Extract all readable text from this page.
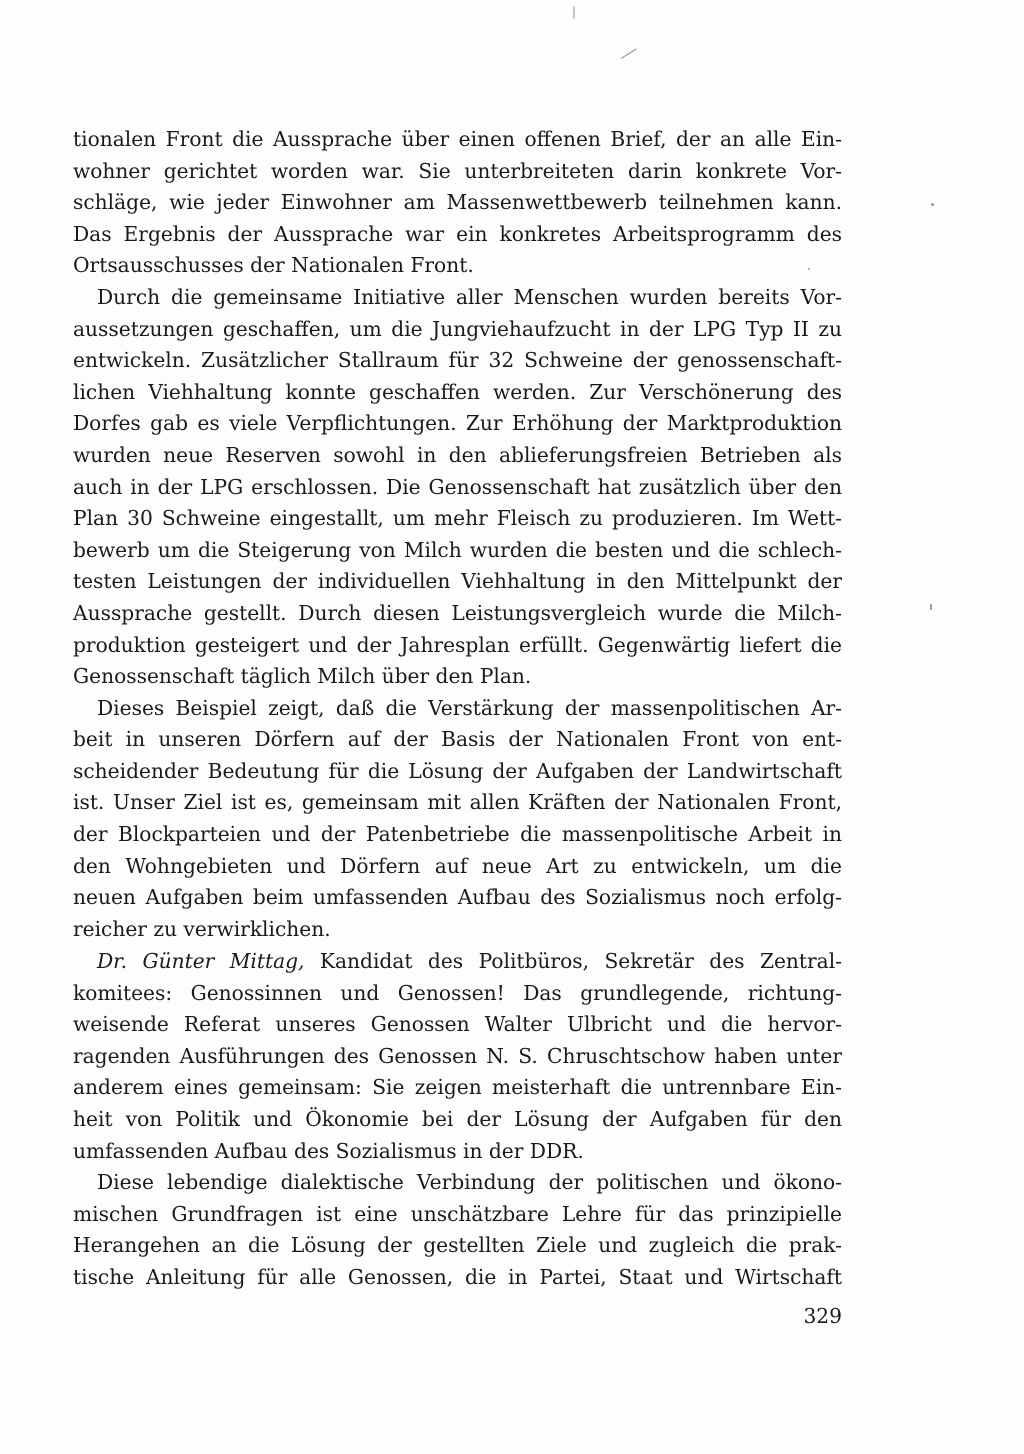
tionalen Front die Aussprache über einen offenen Brief, der an alle Ein-
wohner gerichtet worden war. Sie unterbreiteten darin konkrete Vor-
schläge, wie jeder Einwohner am Massenwettbewerb teilnehmen kann.
Das Ergebnis der Aussprache war ein konkretes Arbeitsprogramm des
Ortsausschusses der Nationalen Front.
Durch die gemeinsame Initiative aller Menschen wurden bereits Vor-
aussetzungen geschaffen, um die Jungviehaufzucht in der LPG Typ II zu
entwickeln. Zusätzlicher Stallraum für 32 Schweine der genossenschaft-
lichen Viehhaltung konnte geschaffen werden. Zur Verschönerung des
Dorfes gab es viele Verpflichtungen. Zur Erhöhung der Marktproduktion
wurden neue Reserven sowohl in den ablieferungsfreien Betrieben als
auch in der LPG erschlossen. Die Genossenschaft hat zusätzlich über den
Plan 30 Schweine eingestallt, um mehr Fleisch zu produzieren. Im Wett-
bewerb um die Steigerung von Milch wurden die besten und die schlech-
testen Leistungen der individuellen Viehhaltung in den Mittelpunkt der
Aussprache gestellt. Durch diesen Leistungsvergleich wurde die Milch-
produktion gesteigert und der Jahresplan erfüllt. Gegenwärtig liefert die
Genossenschaft täglich Milch über den Plan.
Dieses Beispiel zeigt, daß die Verstärkung der massenpolitischen Ar-
beit in unseren Dörfern auf der Basis der Nationalen Front von ent-
scheidender Bedeutung für die Lösung der Aufgaben der Landwirtschaft
ist. Unser Ziel ist es, gemeinsam mit allen Kräften der Nationalen Front,
der Blockparteien und der Patenbetriebe die massenpolitische Arbeit in
den Wohngebieten und Dörfern auf neue Art zu entwickeln, um die
neuen Aufgaben beim umfassenden Aufbau des Sozialismus noch erfolg-
reicher zu verwirklichen.
Dr. Günter Mittag, Kandidat des Politbüros, Sekretär des Zentral-
komitees: Genossinnen und Genossen! Das grundlegende, richtung-
weisende Referat unseres Genossen Walter Ulbricht und die hervor-
ragenden Ausführungen des Genossen N. S. Chruschtschow haben unter
anderem eines gemeinsam: Sie zeigen meisterhaft die untrennbare Ein-
heit von Politik und Ökonomie bei der Lösung der Aufgaben für den
umfassenden Aufbau des Sozialismus in der DDR.
Diese lebendige dialektische Verbindung der politischen und ökono-
mischen Grundfragen ist eine unschätzbare Lehre für das prinzipielle
Herangehen an die Lösung der gestellten Ziele und zugleich die prak-
tische Anleitung für alle Genossen, die in Partei, Staat und Wirtschaft
329
